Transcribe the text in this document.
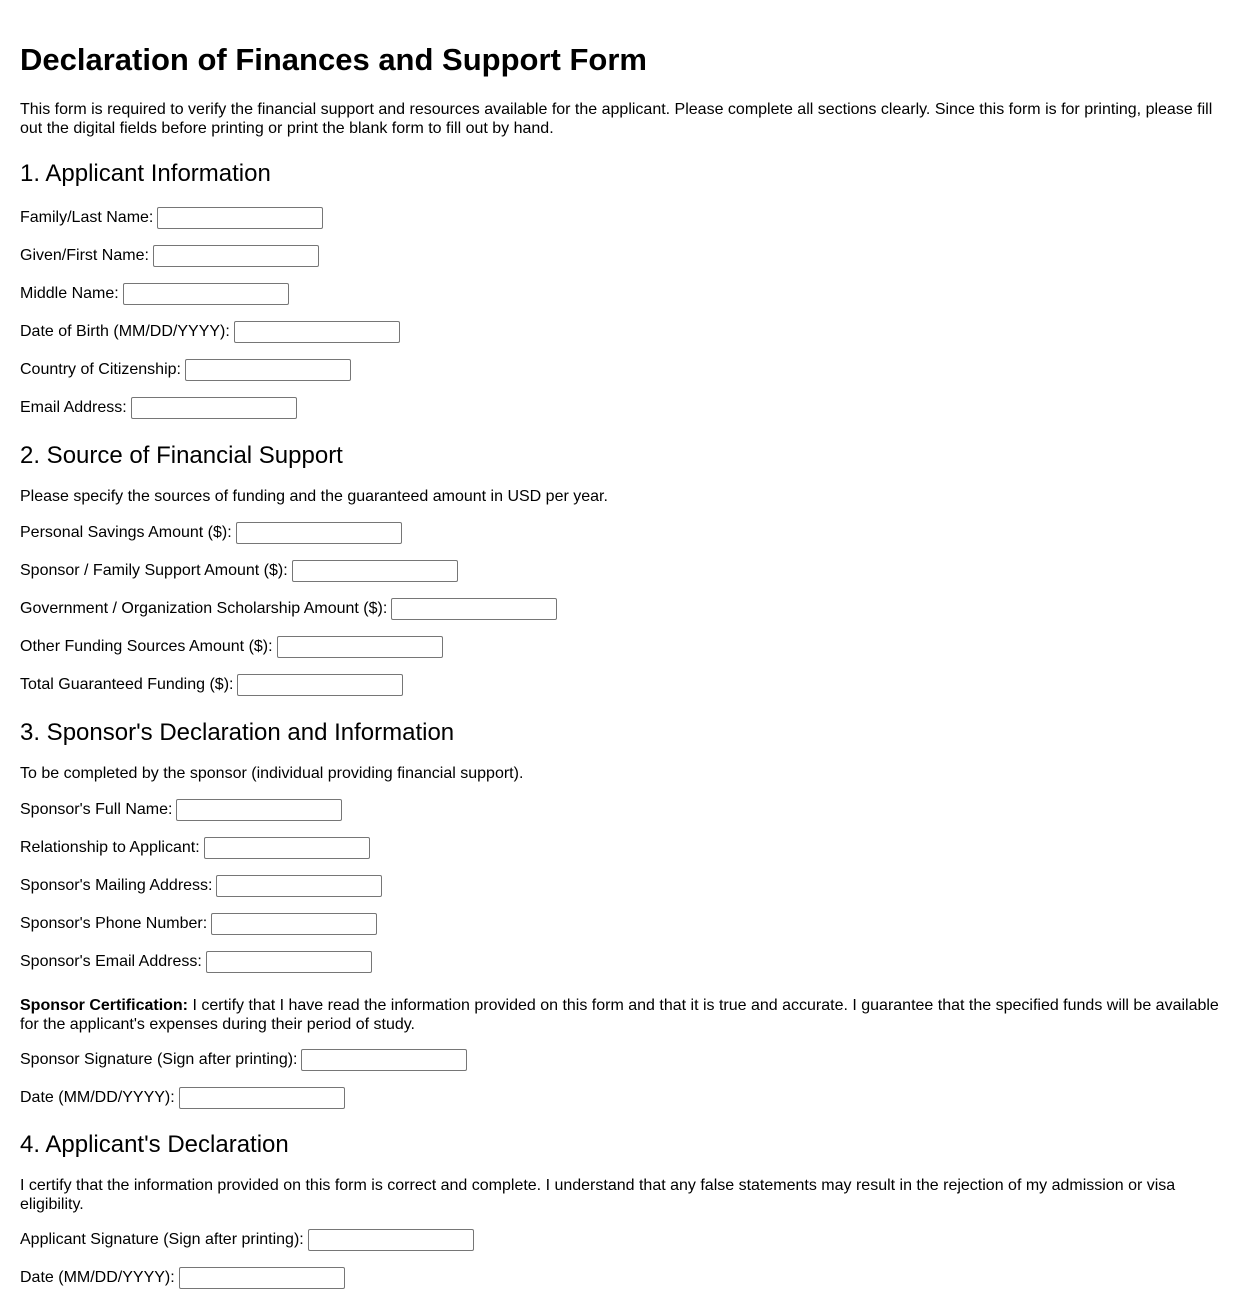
Declaration of Finances and Support Form

This form is required to verify the financial support and resources available for the applicant. Please complete all sections clearly. Since this form is for printing, please fill out the digital fields before printing or print the blank form to fill out by hand.

1. Applicant Information
Family/Last Name:
Given/First Name:
Middle Name:
Date of Birth (MM/DD/YYYY):
Country of Citizenship:
Email Address:
2. Source of Financial Support

Please specify the sources of funding and the guaranteed amount in USD per year.

Personal Savings Amount ($):
Sponsor / Family Support Amount ($):
Government / Organization Scholarship Amount ($):
Other Funding Sources Amount ($):
Total Guaranteed Funding ($):
3. Sponsor's Declaration and Information

To be completed by the sponsor (individual providing financial support).

Sponsor's Full Name:
Relationship to Applicant:
Sponsor's Mailing Address:
Sponsor's Phone Number:
Sponsor's Email Address:

Sponsor Certification: I certify that I have read the information provided on this form and that it is true and accurate. I guarantee that the specified funds will be available for the applicant's expenses during their period of study.

Sponsor Signature (Sign after printing):
Date (MM/DD/YYYY):
4. Applicant's Declaration

I certify that the information provided on this form is correct and complete. I understand that any false statements may result in the rejection of my admission or visa eligibility.

Applicant Signature (Sign after printing):
Date (MM/DD/YYYY):
